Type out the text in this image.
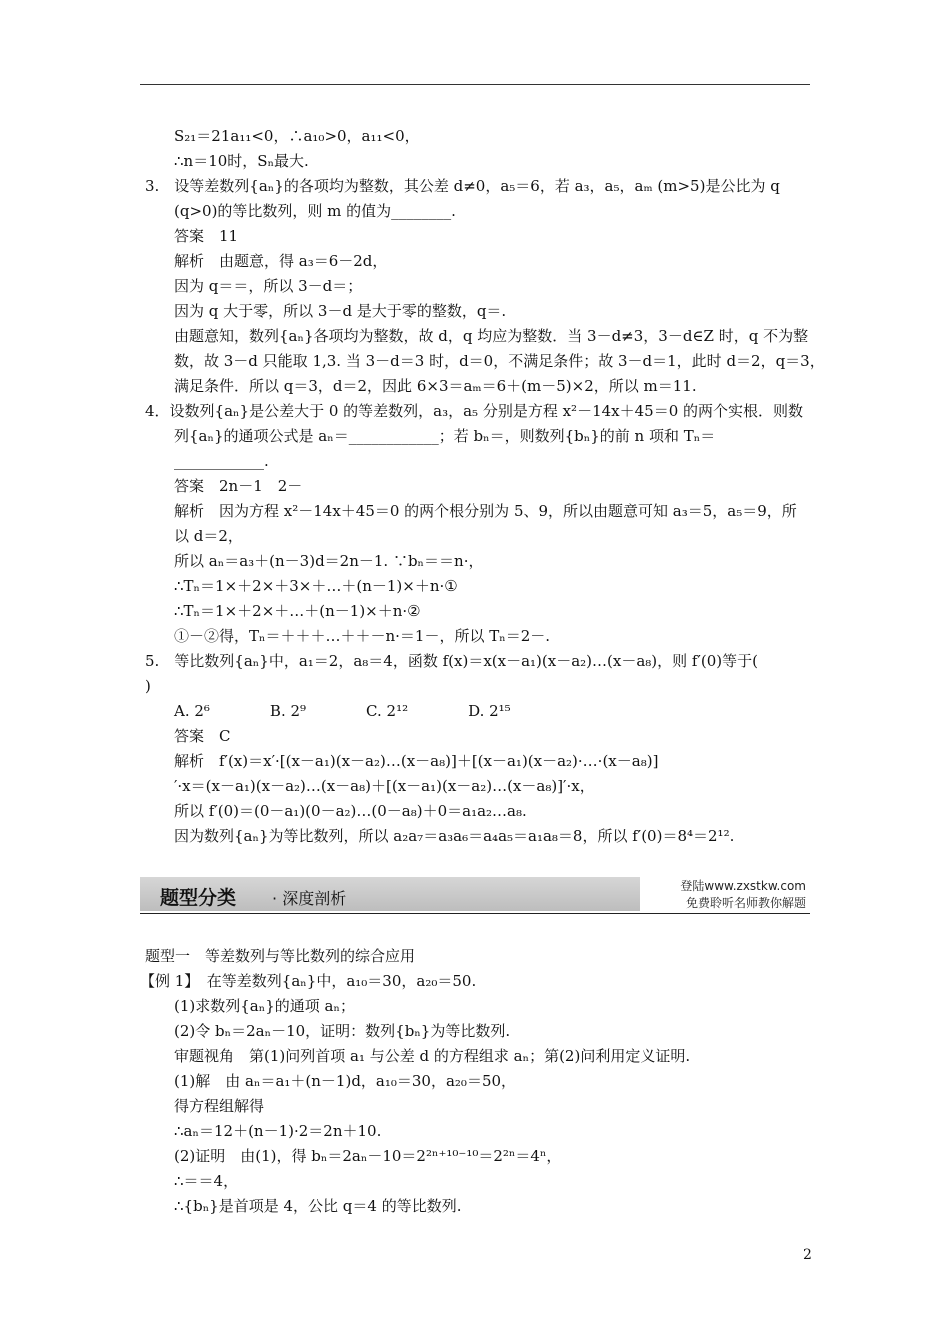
S₂₁＝21a₁₁<0，∴a₁₀>0，a₁₁<0，
∴n＝10时，Sₙ最大.
3.　设等差数列{aₙ}的各项均为整数，其公差 d≠0，a₅＝6，若 a₃，a₅，aₘ (m>5)是公比为 q
(q>0)的等比数列，则 m 的值为________.
答案　11
解析　由题意，得 a₃＝6－2d，
因为 q＝＝，所以 3－d＝；
因为 q 大于零，所以 3－d 是大于零的整数，q＝.
由题意知，数列{aₙ}各项均为整数，故 d，q 均应为整数．当 3－d≠3，3－d∈Z 时，q 不为整
数，故 3－d 只能取 1,3. 当 3－d＝3 时，d＝0，不满足条件；故 3－d＝1，此时 d＝2，q＝3，
满足条件．所以 q＝3，d＝2，因此 6×3＝aₘ＝6＋(m－5)×2，所以 m＝11.
4．设数列{aₙ}是公差大于 0 的等差数列，a₃，a₅ 分别是方程 x²－14x＋45＝0 的两个实根．则数
列{aₙ}的通项公式是 aₙ＝____________；若 bₙ＝，则数列{bₙ}的前 n 项和 Tₙ＝
____________.
答案　2n－1　2－
解析　因为方程 x²－14x＋45＝0 的两个根分别为 5、9，所以由题意可知 a₃＝5，a₅＝9，所
以 d＝2，
所以 aₙ＝a₃＋(n－3)d＝2n－1. ∵bₙ＝＝n·，
∴Tₙ＝1×＋2×＋3×＋…＋(n－1)×＋n·①
∴Tₙ＝1×＋2×＋…＋(n－1)×＋n·②
①－②得，Tₙ＝＋＋＋…＋＋－n·＝1－，所以 Tₙ＝2－.
5.　等比数列{aₙ}中，a₁＝2，a₈＝4，函数 f(x)＝x(x－a₁)(x－a₂)…(x－a₈)，则 f′(0)等于(
)
A. 2⁶　　　　B. 2⁹　　　　C. 2¹²　　　　D. 2¹⁵
答案　C
解析　f′(x)＝x′·[(x－a₁)(x－a₂)…(x－a₈)]＋[(x－a₁)(x－a₂)·…·(x－a₈)]
′·x＝(x－a₁)(x－a₂)…(x－a₈)＋[(x－a₁)(x－a₂)…(x－a₈)]′·x，
所以 f′(0)＝(0－a₁)(0－a₂)…(0－a₈)＋0＝a₁a₂…a₈.
因为数列{aₙ}为等比数列，所以 a₂a₇＝a₃a₆＝a₄a₅＝a₁a₈＝8，所以 f′(0)＝8⁴＝2¹².
题型一　等差数列与等比数列的综合应用
【例 1】　在等差数列{aₙ}中，a₁₀＝30，a₂₀＝50.
(1)求数列{aₙ}的通项 aₙ；
(2)令 bₙ＝2aₙ－10，证明：数列{bₙ}为等比数列.
审题视角　第(1)问列首项 a₁ 与公差 d 的方程组求 aₙ；第(2)问利用定义证明.
(1)解　由 aₙ＝a₁＋(n－1)d，a₁₀＝30，a₂₀＝50，
得方程组解得
∴aₙ＝12＋(n－1)·2＝2n＋10.
(2)证明　由(1)，得 bₙ＝2aₙ－10＝2²ⁿ⁺¹⁰⁻¹⁰＝2²ⁿ＝4ⁿ，
∴＝＝4，
∴{bₙ}是首项是 4，公比 q＝4 的等比数列.
题型分类 · 深度剖析
登陆www.zxstkw.com
免费聆听名师教你解题
2
